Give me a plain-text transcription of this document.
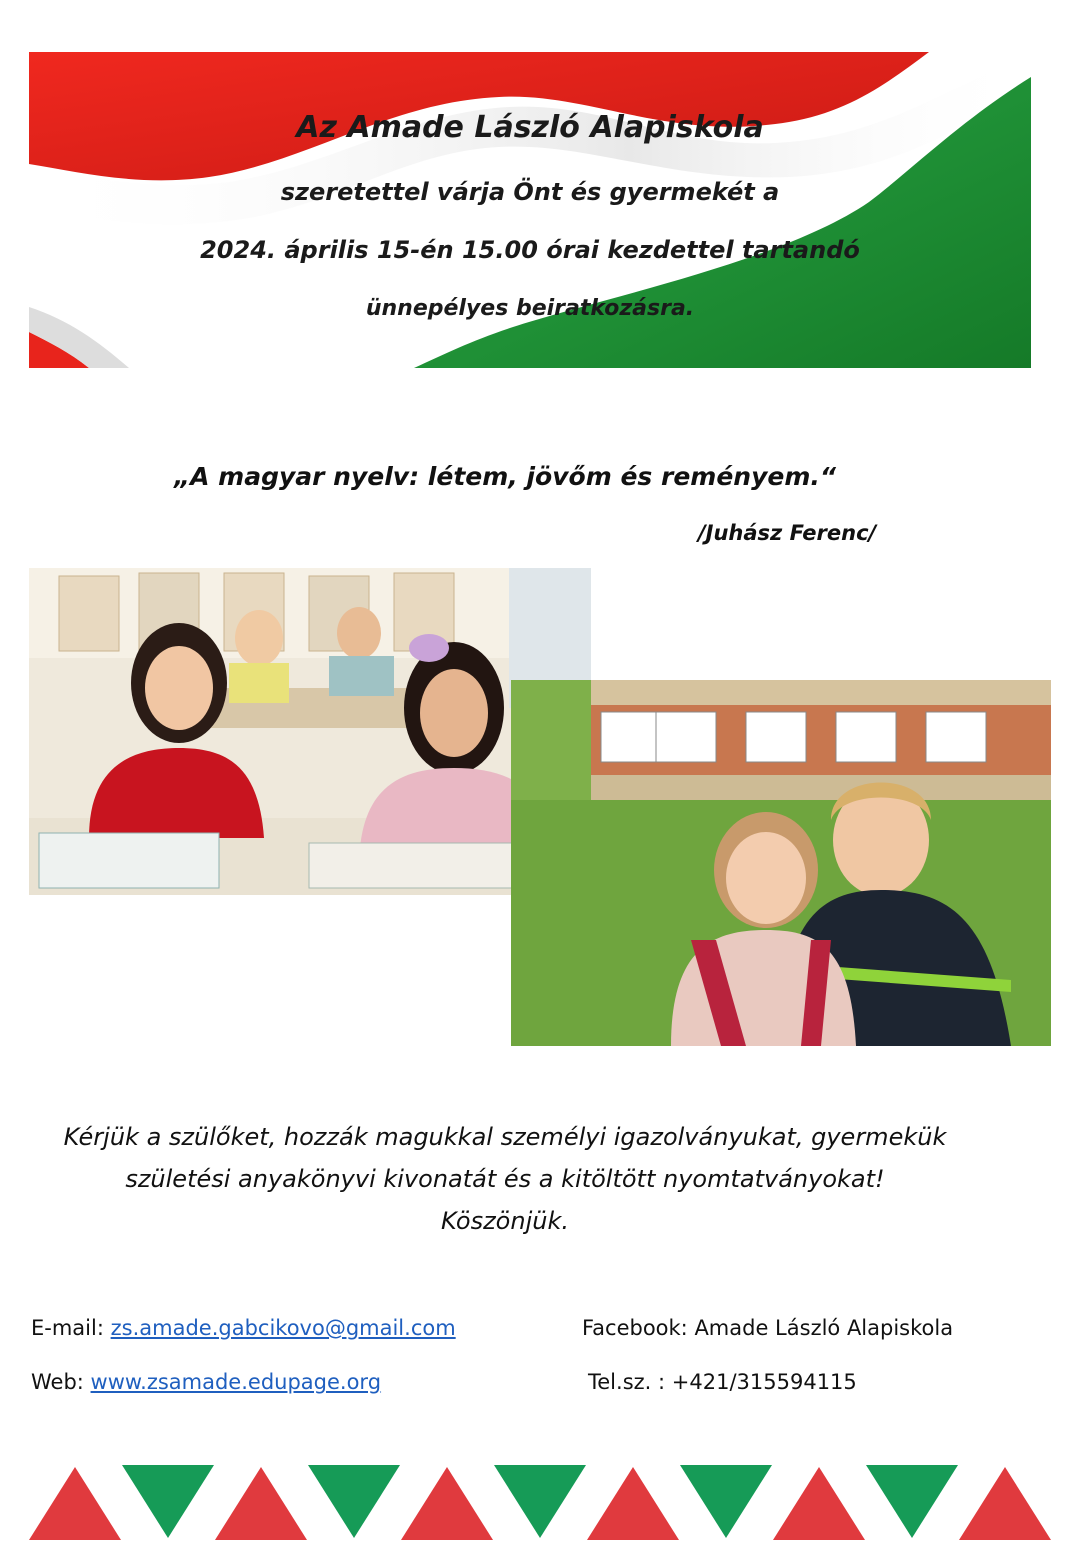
Az Amade László Alapiskola
szeretettel várja Önt és gyermekét a
2024. április 15-én 15.00 órai kezdettel tartandó
ünnepélyes beiratkozásra.
„A magyar nyelv: létem, jövőm és reményem.“
/Juhász Ferenc/
Kérjük a szülőket, hozzák magukkal személyi igazolványukat, gyermekük
születési anyakönyvi kivonatát és a kitöltött nyomtatványokat!
Köszönjük.
E-mail: zs.amade.gabcikovo@gmail.com
Web: www.zsamade.edupage.org
Facebook: Amade László Alapiskola
Tel.sz. : +421/315594115
